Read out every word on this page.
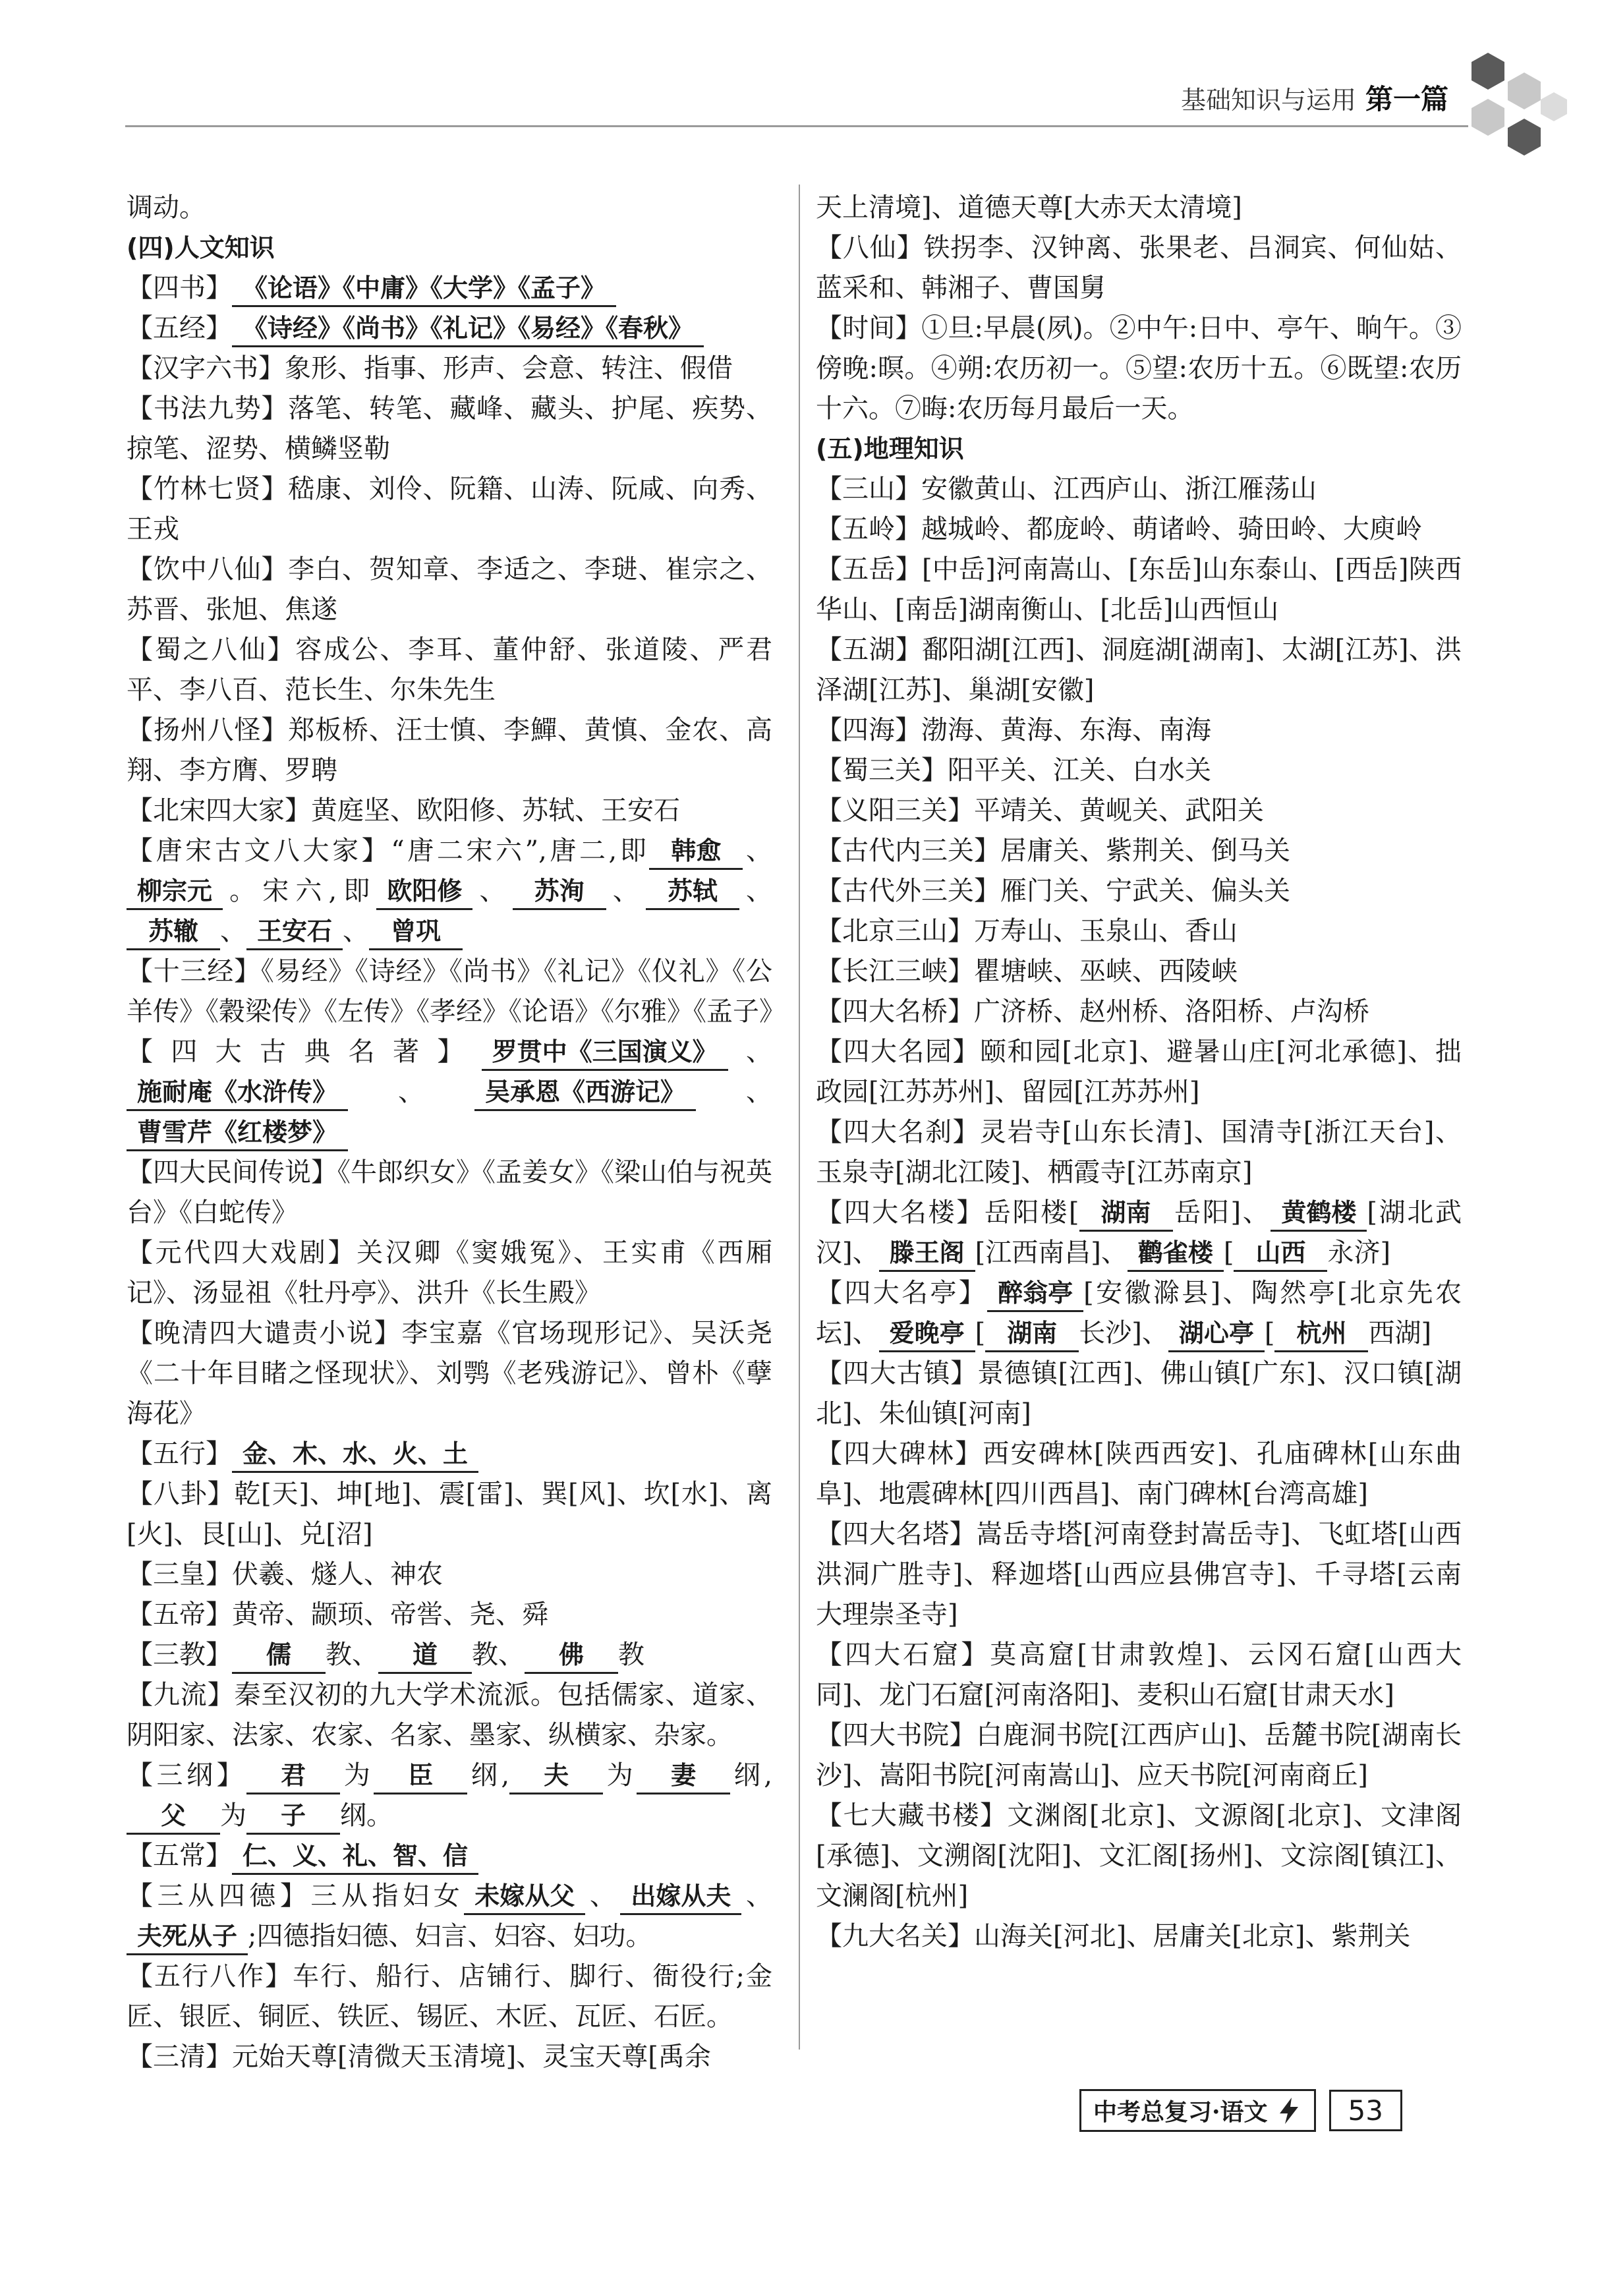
基础知识与运用 第一篇
调动。
(四)人文知识
【四书】 《论语》《中庸》《大学》《孟子》
【五经】 《诗经》《尚书》《礼记》《易经》《春秋》
【汉字六书】象形、指事、形声、会意、转注、假借
【书法九势】落笔、转笔、藏峰、藏头、护尾、疾势、掠笔、涩势、横鳞竖勒
【竹林七贤】嵇康、刘伶、阮籍、山涛、阮咸、向秀、王戎
【饮中八仙】李白、贺知章、李适之、李琎、崔宗之、苏晋、张旭、焦遂
【蜀之八仙】容成公、李耳、董仲舒、张道陵、严君平、李八百、范长生、尔朱先生
【扬州八怪】郑板桥、汪士慎、李鱓、黄慎、金农、高翔、李方膺、罗聘
【北宋四大家】黄庭坚、欧阳修、苏轼、王安石
【唐宋古文八大家】“唐二宋六”,唐二,即 韩愈 、柳宗元 。宋六,即 欧阳修 、 苏洵 、 苏轼 、苏辙 、 王安石 、 曾巩
【十三经】《易经》《诗经》《尚书》《礼记》《仪礼》《公羊传》《穀梁传》《左传》《孝经》《论语》《尔雅》《孟子》
【四大古典名著】 罗贯中《三国演义》 、施耐庵《水浒传》 、 吴承恩《西游记》 、曹雪芹《红楼梦》
【四大民间传说】《牛郎织女》《孟姜女》《梁山伯与祝英台》《白蛇传》
【元代四大戏剧】关汉卿《窦娥冤》、王实甫《西厢记》、汤显祖《牡丹亭》、洪升《长生殿》
【晚清四大谴责小说】李宝嘉《官场现形记》、吴沃尧《二十年目睹之怪现状》、刘鹗《老残游记》、曾朴《孽海花》
【五行】 金、木、水、火、土
【八卦】乾[天]、坤[地]、震[雷]、巽[风]、坎[水]、离[火]、艮[山]、兑[沼]
【三皇】伏羲、燧人、神农
【五帝】黄帝、颛顼、帝喾、尧、舜
【三教】 儒 教、 道 教、 佛 教
【九流】秦至汉初的九大学术流派。包括儒家、道家、阴阳家、法家、农家、名家、墨家、纵横家、杂家。
【三纲】 君 为 臣 纲, 夫 为 妻 纲,父 为 子 纲。
【五常】 仁、义、礼、智、信
【三从四德】三从指妇女 未嫁从父 、 出嫁从夫 、夫死从子 ;四德指妇德、妇言、妇容、妇功。
【五行八作】车行、船行、店铺行、脚行、衙役行;金匠、银匠、铜匠、铁匠、锡匠、木匠、瓦匠、石匠。
【三清】元始天尊[清微天玉清境]、灵宝天尊[禹余
天上清境]、道德天尊[大赤天太清境]
【八仙】铁拐李、汉钟离、张果老、吕洞宾、何仙姑、蓝采和、韩湘子、曹国舅
【时间】①旦:早晨(夙)。②中午:日中、亭午、晌午。③傍晚:暝。④朔:农历初一。⑤望:农历十五。⑥既望:农历十六。⑦晦:农历每月最后一天。
(五)地理知识
【三山】安徽黄山、江西庐山、浙江雁荡山
【五岭】越城岭、都庞岭、萌诸岭、骑田岭、大庾岭
【五岳】[中岳]河南嵩山、[东岳]山东泰山、[西岳]陕西华山、[南岳]湖南衡山、[北岳]山西恒山
【五湖】鄱阳湖[江西]、洞庭湖[湖南]、太湖[江苏]、洪泽湖[江苏]、巢湖[安徽]
【四海】渤海、黄海、东海、南海
【蜀三关】阳平关、江关、白水关
【义阳三关】平靖关、黄岘关、武阳关
【古代内三关】居庸关、紫荆关、倒马关
【古代外三关】雁门关、宁武关、偏头关
【北京三山】万寿山、玉泉山、香山
【长江三峡】瞿塘峡、巫峡、西陵峡
【四大名桥】广济桥、赵州桥、洛阳桥、卢沟桥
【四大名园】颐和园[北京]、避暑山庄[河北承德]、拙政园[江苏苏州]、留园[江苏苏州]
【四大名刹】灵岩寺[山东长清]、国清寺[浙江天台]、玉泉寺[湖北江陵]、栖霞寺[江苏南京]
【四大名楼】岳阳楼[ 湖南 岳阳]、 黄鹤楼 [湖北武汉]、 滕王阁 [江西南昌]、 鹳雀楼 [ 山西 永济]
【四大名亭】 醉翁亭 [安徽滁县]、陶然亭[北京先农坛]、 爱晚亭 [ 湖南 长沙]、 湖心亭 [ 杭州 西湖]
【四大古镇】景德镇[江西]、佛山镇[广东]、汉口镇[湖北]、朱仙镇[河南]
【四大碑林】西安碑林[陕西西安]、孔庙碑林[山东曲阜]、地震碑林[四川西昌]、南门碑林[台湾高雄]
【四大名塔】嵩岳寺塔[河南登封嵩岳寺]、飞虹塔[山西洪洞广胜寺]、释迦塔[山西应县佛宫寺]、千寻塔[云南大理崇圣寺]
【四大石窟】莫高窟[甘肃敦煌]、云冈石窟[山西大同]、龙门石窟[河南洛阳]、麦积山石窟[甘肃天水]
【四大书院】白鹿洞书院[江西庐山]、岳麓书院[湖南长沙]、嵩阳书院[河南嵩山]、应天书院[河南商丘]
【七大藏书楼】文渊阁[北京]、文源阁[北京]、文津阁[承德]、文溯阁[沈阳]、文汇阁[扬州]、文淙阁[镇江]、文澜阁[杭州]
【九大名关】山海关[河北]、居庸关[北京]、紫荆关
中考总复习·语文	53
